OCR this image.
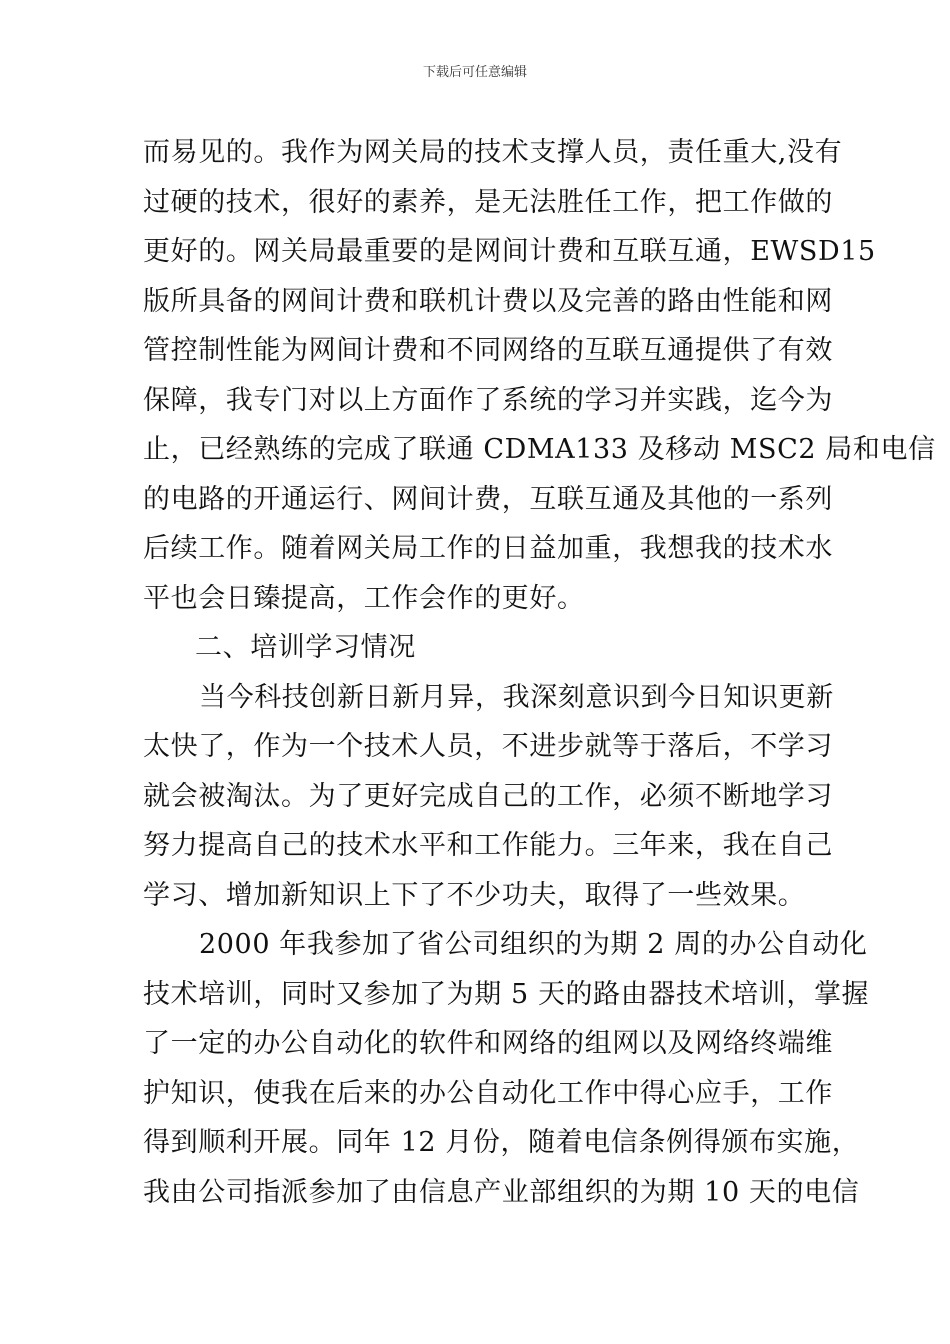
下载后可任意编辑
而易见的。我作为网关局的技术支撑人员，责任重大,没有
过硬的技术，很好的素养，是无法胜任工作，把工作做的
更好的。网关局最重要的是网间计费和互联互通，EWSD15
版所具备的网间计费和联机计费以及完善的路由性能和网
管控制性能为网间计费和不同网络的互联互通提供了有效
保障，我专门对以上方面作了系统的学习并实践，迄今为
止，已经熟练的完成了联通 CDMA133 及移动 MSC2 局和电信
的电路的开通运行、网间计费，互联互通及其他的一系列
后续工作。随着网关局工作的日益加重，我想我的技术水
平也会日臻提高，工作会作的更好。
二、培训学习情况
当今科技创新日新月异，我深刻意识到今日知识更新
太快了，作为一个技术人员，不进步就等于落后，不学习
就会被淘汰。为了更好完成自己的工作，必须不断地学习
努力提高自己的技术水平和工作能力。三年来，我在自己
学习、增加新知识上下了不少功夫，取得了一些效果。
2000 年我参加了省公司组织的为期 2 周的办公自动化
技术培训，同时又参加了为期 5 天的路由器技术培训，掌握
了一定的办公自动化的软件和网络的组网以及网络终端维
护知识，使我在后来的办公自动化工作中得心应手，工作
得到顺利开展。同年 12 月份，随着电信条例得颁布实施，
我由公司指派参加了由信息产业部组织的为期 10 天的电信
